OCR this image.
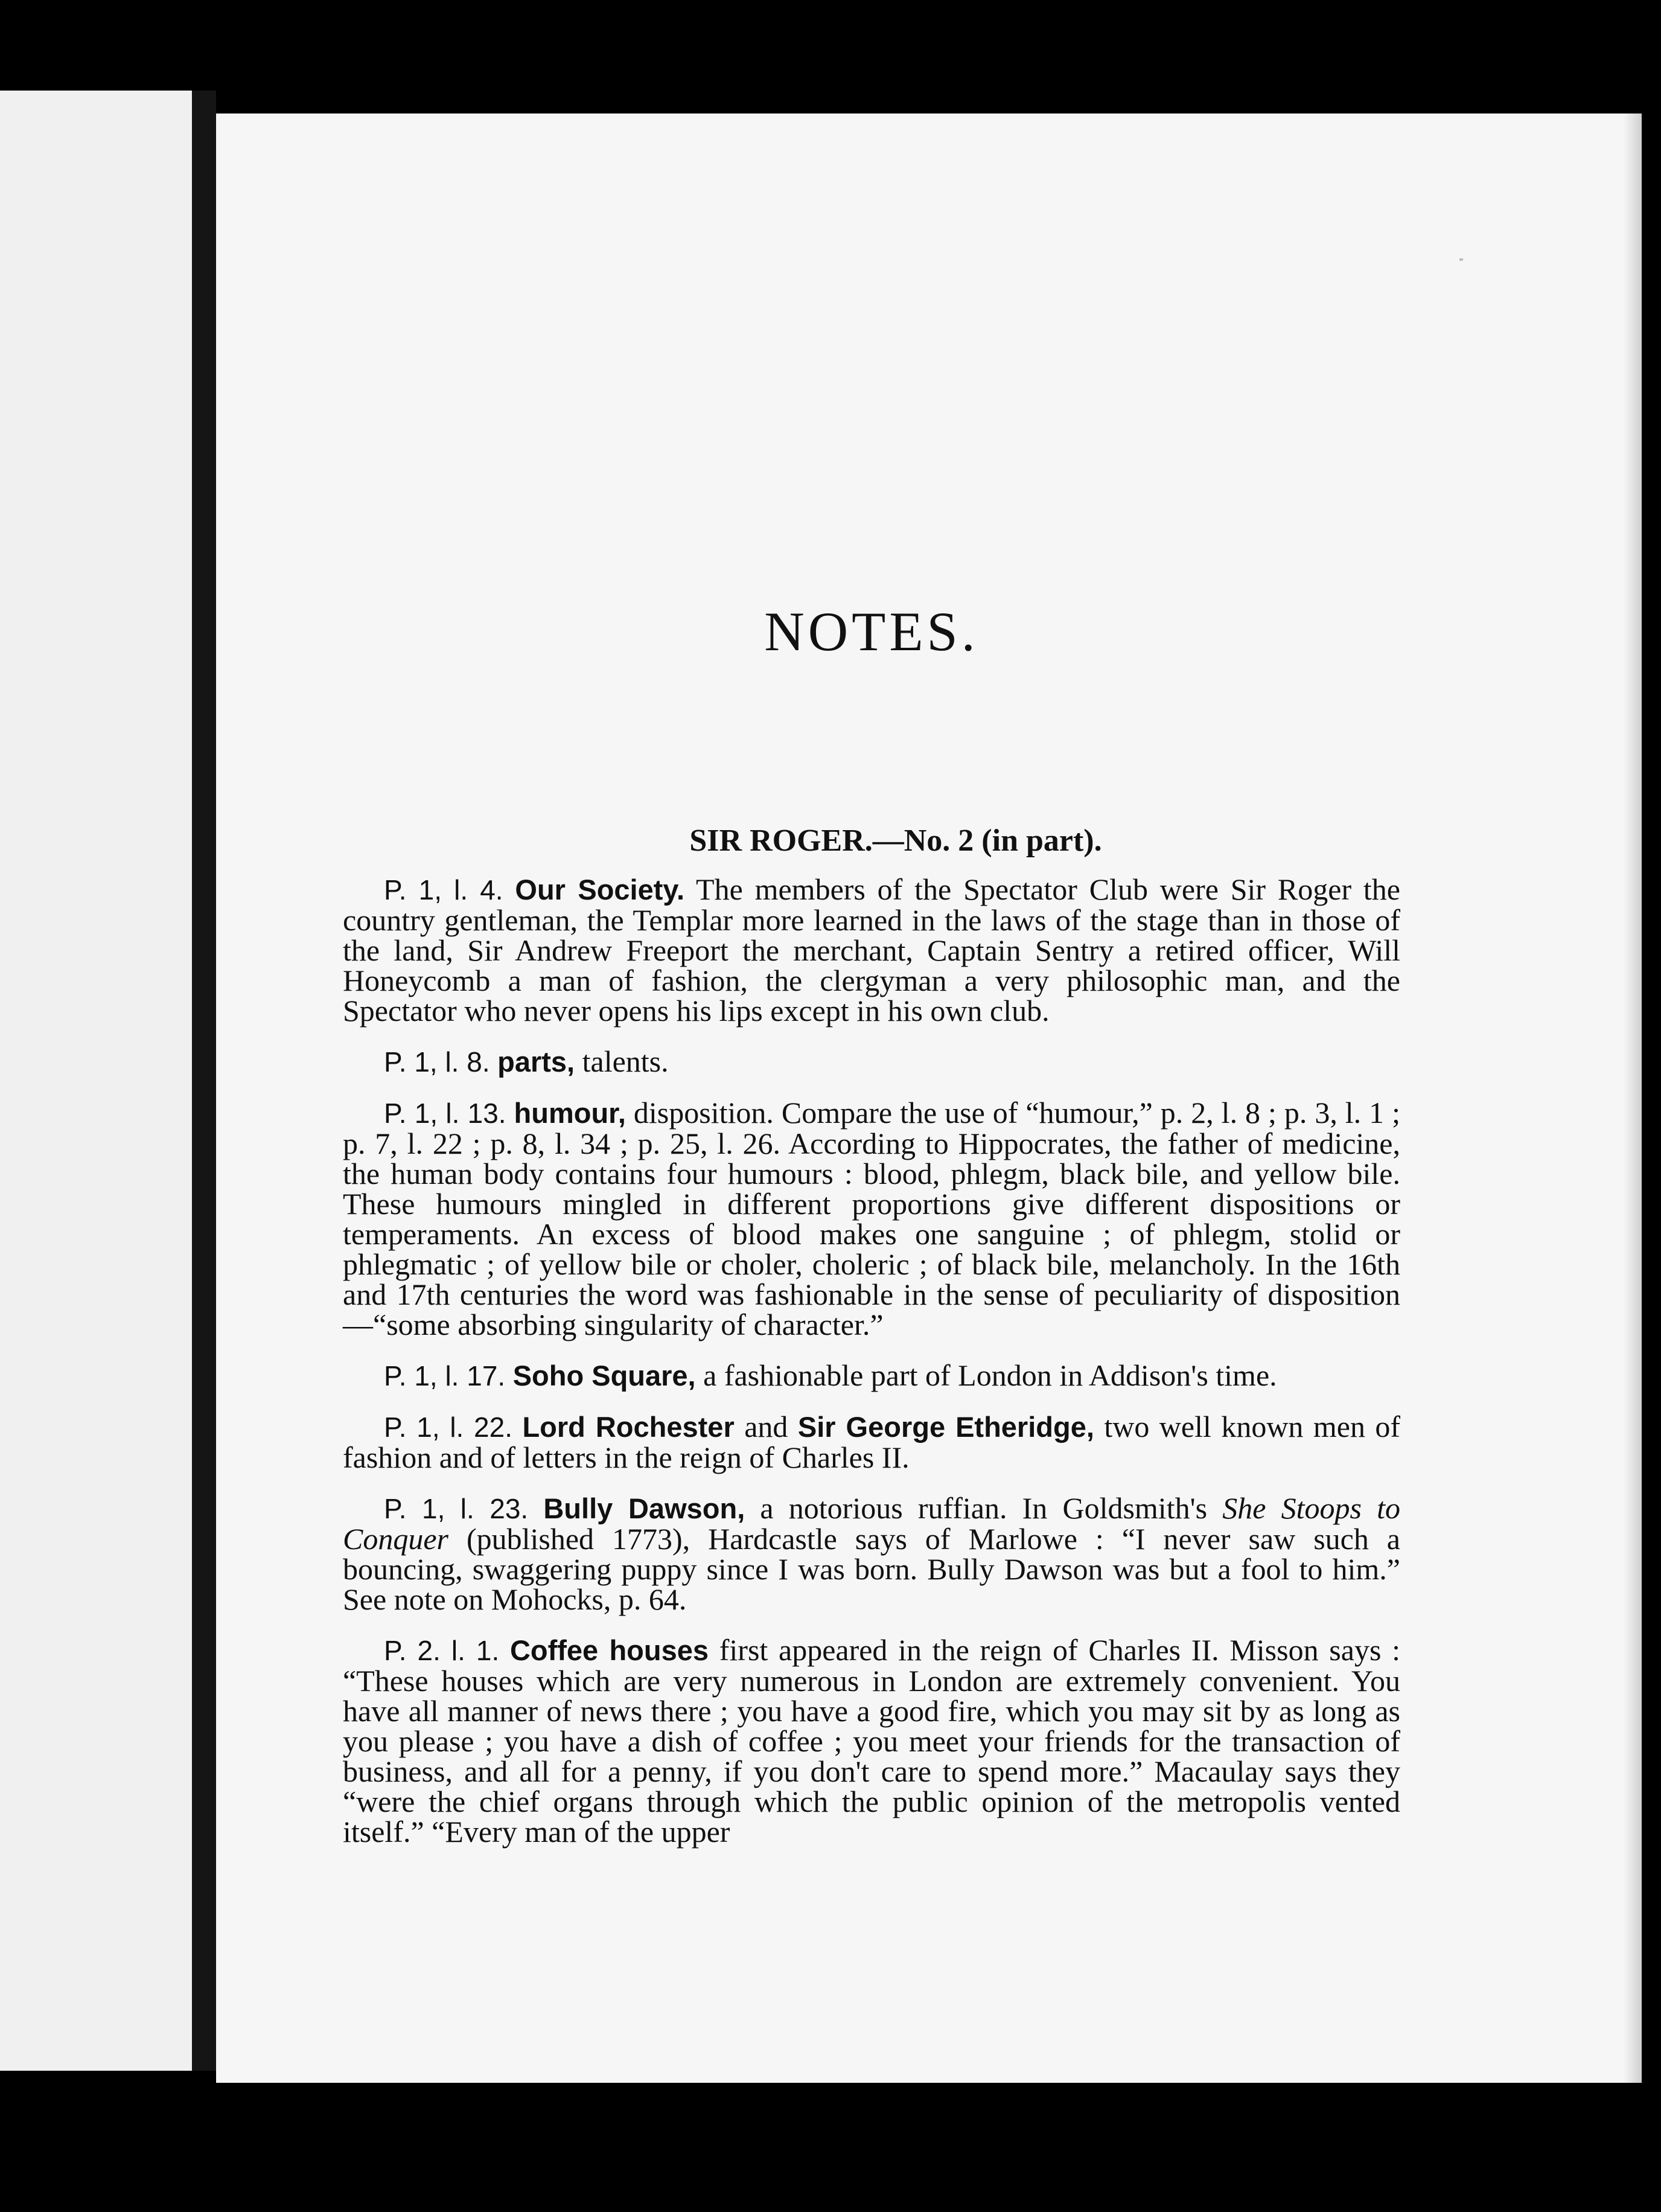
NOTES.
SIR ROGER.—No. 2 (in part).

P. 1, l. 4. Our Society. The members of the Spectator Club were Sir Roger the country gentleman, the Templar more learned in the laws of the stage than in those of the land, Sir Andrew Freeport the merchant, Captain Sentry a retired officer, Will Honeycomb a man of fashion, the clergyman a very philosophic man, and the Spectator who never opens his lips except in his own club.

P. 1, l. 8. parts, talents.

P. 1, l. 13. humour, disposition. Compare the use of “humour,” p. 2, l. 8 ; p. 3, l. 1 ; p. 7, l. 22 ; p. 8, l. 34 ; p. 25, l. 26. According to Hippocrates, the father of medicine, the human body contains four humours : blood, phlegm, black bile, and yellow bile. These humours mingled in different proportions give different dispositions or temperaments. An excess of blood makes one sanguine ; of phlegm, stolid or phlegmatic ; of yellow bile or choler, choleric ; of black bile, melancholy. In the 16th and 17th centuries the word was fashionable in the sense of peculiarity of disposition—“some absorbing singularity of character.”

P. 1, l. 17. Soho Square, a fashionable part of London in Addison's time.

P. 1, l. 22. Lord Rochester and Sir George Etheridge, two well known men of fashion and of letters in the reign of Charles II.

P. 1, l. 23. Bully Dawson, a notorious ruffian. In Goldsmith's She Stoops to Conquer (published 1773), Hardcastle says of Marlowe : “I never saw such a bouncing, swaggering puppy since I was born. Bully Dawson was but a fool to him.” See note on Mohocks, p. 64.

P. 2. l. 1. Coffee houses first appeared in the reign of Charles II. Misson says : “These houses which are very numerous in London are extremely convenient. You have all manner of news there ; you have a good fire, which you may sit by as long as you please ; you have a dish of coffee ; you meet your friends for the transaction of business, and all for a penny, if you don't care to spend more.” Macaulay says they “were the chief organs through which the public opinion of the metropolis vented itself.” “Every man of the upper
